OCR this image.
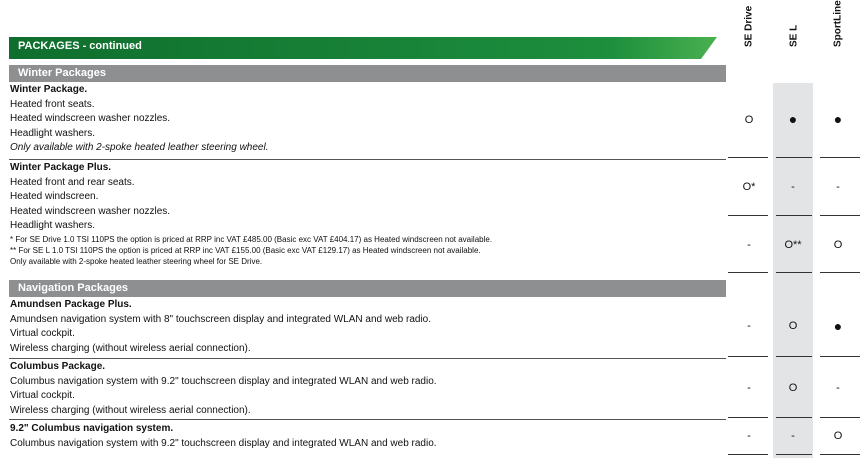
PACKAGES - continued	SE Drive	SE L	SportLine
Winter Packages
Winter Package.
Heated front seats.
Heated windscreen washer nozzles.
Headlight washers.
Only available with 2-spoke heated leather steering wheel.
O	●	●
Winter Package Plus.
Heated front and rear seats.
Heated windscreen.
Heated windscreen washer nozzles.
Headlight washers.
* For SE Drive 1.0 TSI 110PS the option is priced at RRP inc VAT £485.00 (Basic exc VAT £404.17) as Heated windscreen not available.
** For SE L 1.0 TSI 110PS the option is priced at RRP inc VAT £155.00 (Basic exc VAT £129.17) as Heated windscreen not available.
Only available with 2-spoke heated leather steering wheel for SE Drive.
O*	-	-
-	O**	O
Navigation Packages
Amundsen Package Plus.
Amundsen navigation system with 8" touchscreen display and integrated WLAN and web radio.
Virtual cockpit.
Wireless charging (without wireless aerial connection).
-	O	●
Columbus Package.
Columbus navigation system with 9.2" touchscreen display and integrated WLAN and web radio.
Virtual cockpit.
Wireless charging (without wireless aerial connection).
-	O	-
9.2" Columbus navigation system.
Columbus navigation system with 9.2" touchscreen display and integrated WLAN and web radio.
-	-	O
